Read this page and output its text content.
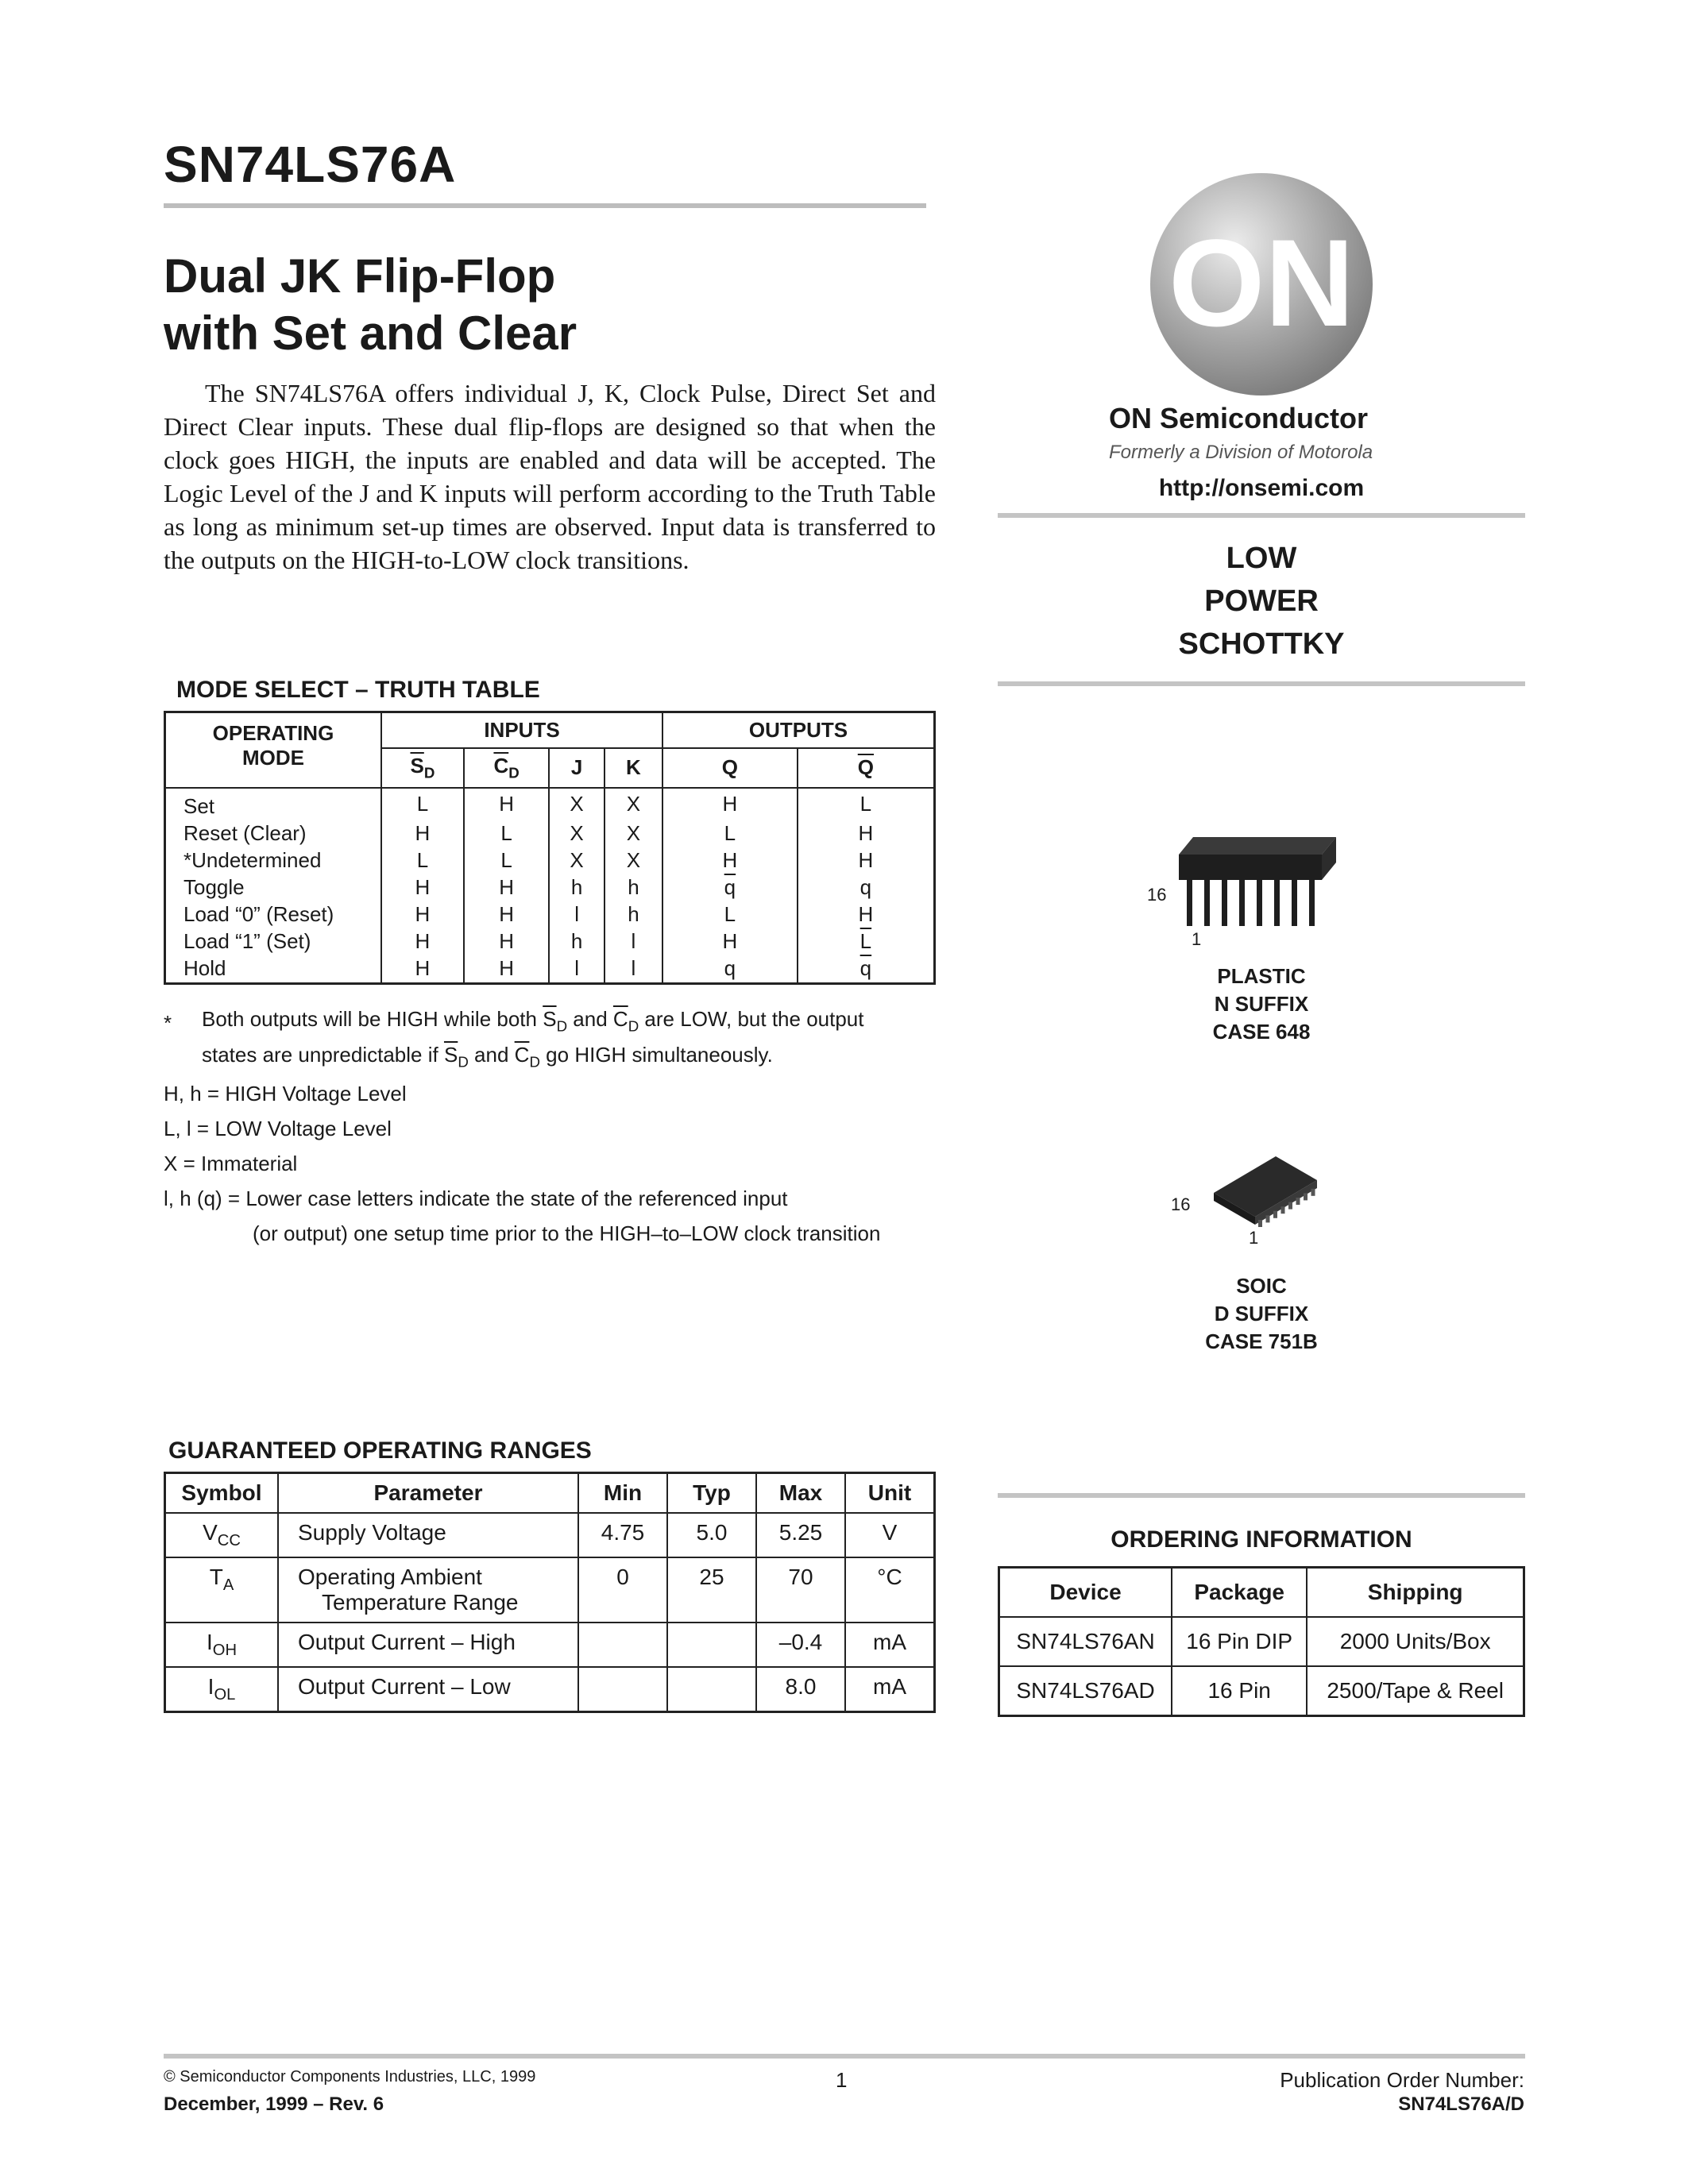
SN74LS76A
Dual JK Flip-Flop
with Set and Clear
The SN74LS76A offers individual J, K, Clock Pulse, Direct Set and Direct Clear inputs. These dual flip-flops are designed so that when the clock goes HIGH, the inputs are enabled and data will be accepted. The Logic Level of the J and K inputs will perform according to the Truth Table as long as minimum set-up times are observed. Input data is transferred to the outputs on the HIGH-to-LOW clock transitions.
MODE SELECT – TRUTH TABLE
OPERATING
MODE	INPUTS				OUTPUTS	
	$\overline{S}_D$	$\overline{C}_D$	J	K	Q	$\overline{Q}$
Set	L	H	X	X	H	L
Reset (Clear)	H	L	X	X	L	H
*Undetermined	L	L	X	X	H	H
Toggle	H	H	h	h	$\overline{q}$	q
Load “0” (Reset)	H	H	l	h	L	H
Load “1” (Set)	H	H	h	l	H	$\overline{L}$
Hold	H	H	l	l	q	$\overline{q}$
*	Both outputs will be HIGH while both $\overline{S}_D$ and $\overline{C}_D$ are LOW, but the output
states are unpredictable if $\overline{S}_D$ and $\overline{C}_D$ go HIGH simultaneously.
H, h = HIGH Voltage Level
L, l = LOW Voltage Level
X = Immaterial
l, h (q) = Lower case letters indicate the state of the referenced input
(or output) one setup time prior to the HIGH–to–LOW clock transition
GUARANTEED OPERATING RANGES
Symbol	Parameter	Min	Typ	Max	Unit
$V_{CC}$	Supply Voltage	4.75	5.0	5.25	V
$T_A$	Operating Ambient
Temperature Range	0	25	70	°C
$I_{OH}$	Output Current – High			–0.4	mA
$I_{OL}$	Output Current – Low			8.0	mA
ON
ON Semiconductor
Formerly a Division of Motorola
http://onsemi.com
LOW
POWER
SCHOTTKY
16
1
PLASTIC
N SUFFIX
CASE 648
16
1
SOIC
D SUFFIX
CASE 751B
ORDERING INFORMATION
Device	Package	Shipping
SN74LS76AN	16 Pin DIP	2000 Units/Box
SN74LS76AD	16 Pin	2500/Tape & Reel
© Semiconductor Components Industries, LLC, 1999
December, 1999 – Rev. 6
1	Publication Order Number:
SN74LS76A/D
